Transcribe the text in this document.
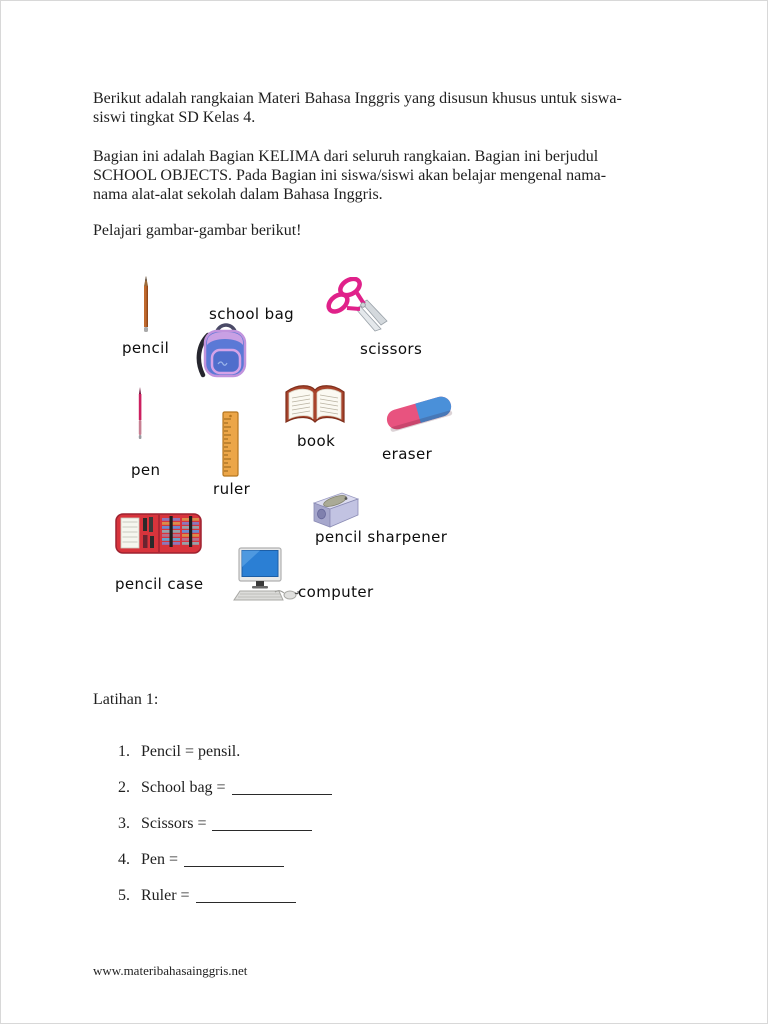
Berikut adalah rangkaian Materi Bahasa Inggris yang disusun khusus untuk siswa-
siswi tingkat SD Kelas 4.
Bagian ini adalah Bagian KELIMA dari seluruh rangkaian. Bagian ini berjudul
SCHOOL OBJECTS. Pada Bagian ini siswa/siswi akan belajar mengenal nama-
nama alat-alat sekolah dalam Bahasa Inggris.
Pelajari gambar-gambar berikut!
pencil
school bag
scissors
pen
ruler
book
eraser
pencil sharpener
pencil case	computer
Latihan 1:
1. Pencil = pensil.
2. School bag =
3. Scissors =
4. Pen =
5. Ruler =
www.materibahasainggris.net
